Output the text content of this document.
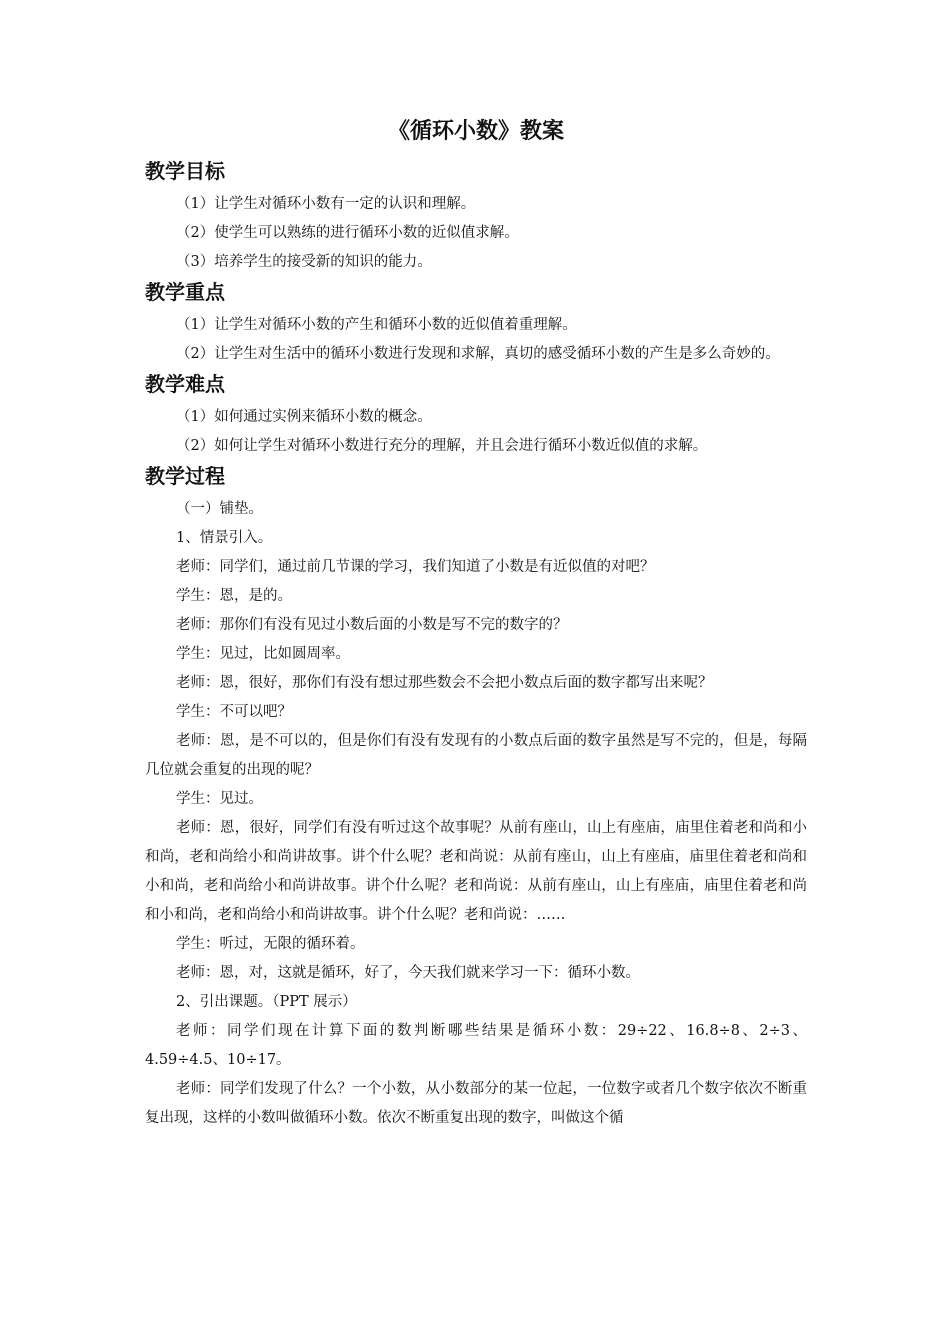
《循环小数》教案
教学目标

（1）让学生对循环小数有一定的认识和理解。

（2）使学生可以熟练的进行循环小数的近似值求解。

（3）培养学生的接受新的知识的能力。

教学重点

（1）让学生对循环小数的产生和循环小数的近似值着重理解。

（2）让学生对生活中的循环小数进行发现和求解，真切的感受循环小数的产生是多么奇妙的。

教学难点

（1）如何通过实例来循环小数的概念。

（2）如何让学生对循环小数进行充分的理解，并且会进行循环小数近似值的求解。

教学过程

（一）铺垫。

1、情景引入。

老师：同学们，通过前几节课的学习，我们知道了小数是有近似值的对吧？

学生：恩，是的。

老师：那你们有没有见过小数后面的小数是写不完的数字的？

学生：见过，比如圆周率。

老师：恩，很好，那你们有没有想过那些数会不会把小数点后面的数字都写出来呢？

学生：不可以吧？

老师：恩，是不可以的，但是你们有没有发现有的小数点后面的数字虽然是写不完的，但是，每隔几位就会重复的出现的呢？

学生：见过。

老师：恩，很好，同学们有没有听过这个故事呢？从前有座山，山上有座庙，庙里住着老和尚和小和尚，老和尚给小和尚讲故事。讲个什么呢？老和尚说：从前有座山，山上有座庙，庙里住着老和尚和小和尚，老和尚给小和尚讲故事。讲个什么呢？老和尚说：从前有座山，山上有座庙，庙里住着老和尚和小和尚，老和尚给小和尚讲故事。讲个什么呢？老和尚说：……

学生：听过，无限的循环着。

老师：恩，对，这就是循环，好了，今天我们就来学习一下：循环小数。

2、引出课题。（PPT 展示）

老师：同学们现在计算下面的数判断哪些结果是循环小数：29÷22、16.8÷8、2÷3、4.59÷4.5、10÷17。

老师：同学们发现了什么？一个小数，从小数部分的某一位起，一位数字或者几个数字依次不断重复出现，这样的小数叫做循环小数。依次不断重复出现的数字，叫做这个循
